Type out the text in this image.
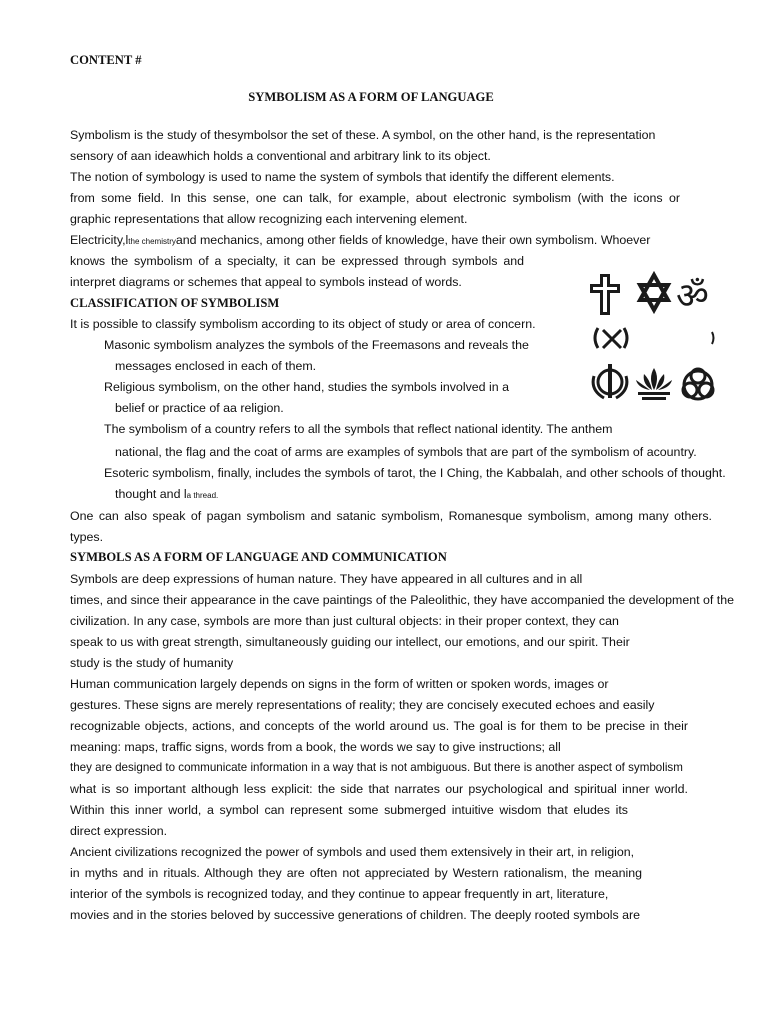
CONTENT #

SYMBOLISM AS A FORM OF LANGUAGE

Symbolism is the study of thesymbolsor the set of these. A symbol, on the other hand, is the representation

sensory of aan ideawhich holds a conventional and arbitrary link to its object.

The notion of symbology is used to name the system of symbols that identify the different elements.

from some field. In this sense, one can talk, for example, about electronic symbolism (with the icons or

graphic representations that allow recognizing each intervening element.

Electricity,lthe chemistryand mechanics, among other fields of knowledge, have their own symbolism. Whoever

knows the symbolism of a specialty, it can be expressed through symbols and

interpret diagrams or schemes that appeal to symbols instead of words.

CLASSIFICATION OF SYMBOLISM

It is possible to classify symbolism according to its object of study or area of concern.

Masonic symbolism analyzes the symbols of the Freemasons and reveals the

messages enclosed in each of them.

Religious symbolism, on the other hand, studies the symbols involved in a

belief or practice of aa religion.

The symbolism of a country refers to all the symbols that reflect national identity. The anthem

national, the flag and the coat of arms are examples of symbols that are part of the symbolism of acountry.

Esoteric symbolism, finally, includes the symbols of tarot, the I Ching, the Kabbalah, and other schools of thought.

thought and la thread.

One can also speak of pagan symbolism and satanic symbolism, Romanesque symbolism, among many others.

types.

SYMBOLS AS A FORM OF LANGUAGE AND COMMUNICATION

Symbols are deep expressions of human nature. They have appeared in all cultures and in all

times, and since their appearance in the cave paintings of the Paleolithic, they have accompanied the development of the

civilization. In any case, symbols are more than just cultural objects: in their proper context, they can

speak to us with great strength, simultaneously guiding our intellect, our emotions, and our spirit. Their

study is the study of humanity

Human communication largely depends on signs in the form of written or spoken words, images or

gestures. These signs are merely representations of reality; they are concisely executed echoes and easily

recognizable objects, actions, and concepts of the world around us. The goal is for them to be precise in their

meaning: maps, traffic signs, words from a book, the words we say to give instructions; all

they are designed to communicate information in a way that is not ambiguous. But there is another aspect of symbolism

what is so important although less explicit: the side that narrates our psychological and spiritual inner world.

Within this inner world, a symbol can represent some submerged intuitive wisdom that eludes its

direct expression.

Ancient civilizations recognized the power of symbols and used them extensively in their art, in religion,

in myths and in rituals. Although they are often not appreciated by Western rationalism, the meaning

interior of the symbols is recognized today, and they continue to appear frequently in art, literature,

movies and in the stories beloved by successive generations of children. The deeply rooted symbols are

ॐ
